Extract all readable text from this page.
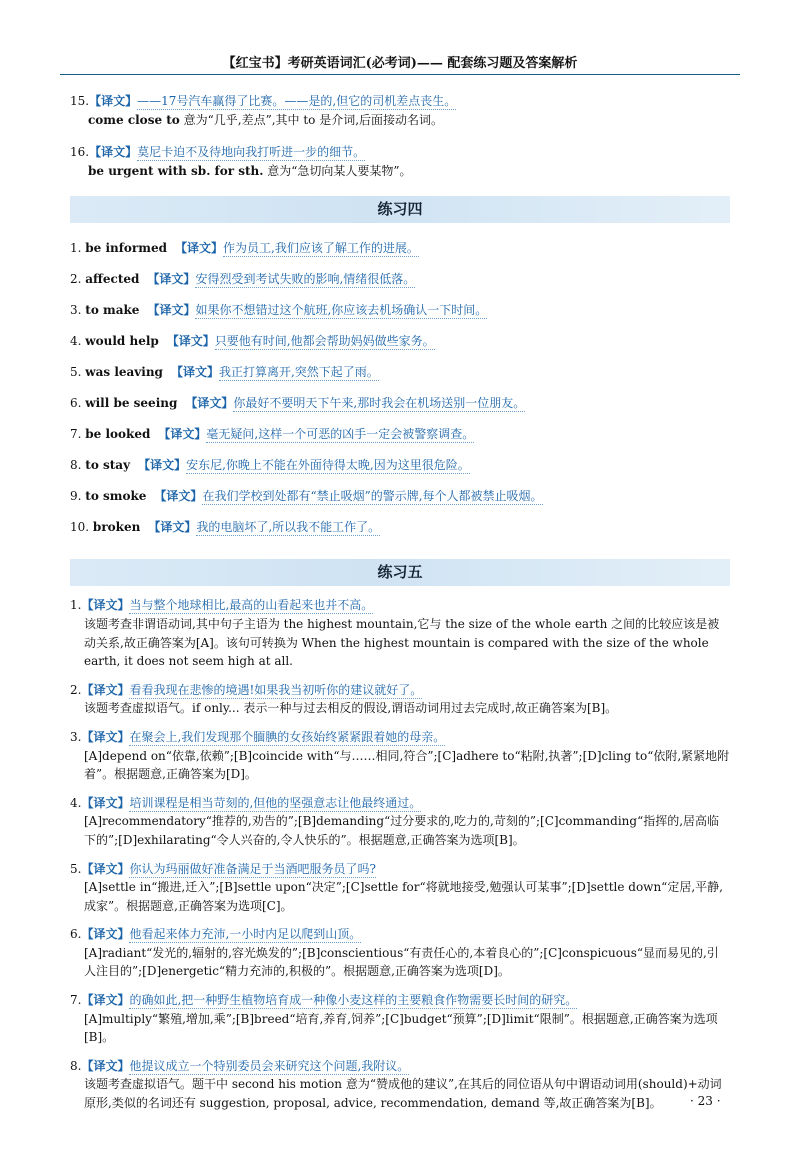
【红宝书】考研英语词汇(必考词)—— 配套练习题及答案解析
15.【译文】——17号汽车赢得了比赛。——是的,但它的司机差点丧生。
come close to 意为“几乎,差点”,其中 to 是介词,后面接动名词。
16.【译文】莫尼卡迫不及待地向我打听进一步的细节。
be urgent with sb. for sth. 意为“急切向某人要某物”。
练习四
1. be informed 【译文】作为员工,我们应该了解工作的进展。
2. affected 【译文】安得烈受到考试失败的影响,情绪很低落。
3. to make 【译文】如果你不想错过这个航班,你应该去机场确认一下时间。
4. would help 【译文】只要他有时间,他都会帮助妈妈做些家务。
5. was leaving 【译文】我正打算离开,突然下起了雨。
6. will be seeing 【译文】你最好不要明天下午来,那时我会在机场送别一位朋友。
7. be looked 【译文】毫无疑问,这样一个可恶的凶手一定会被警察调查。
8. to stay 【译文】安东尼,你晚上不能在外面待得太晚,因为这里很危险。
9. to smoke 【译文】在我们学校到处都有“禁止吸烟”的警示牌,每个人都被禁止吸烟。
10. broken 【译文】我的电脑坏了,所以我不能工作了。
练习五
1.【译文】当与整个地球相比,最高的山看起来也并不高。
该题考查非谓语动词,其中句子主语为 the highest mountain,它与 the size of the whole earth 之间的比较应该是被动关系,故正确答案为[A]。该句可转换为 When the highest mountain is compared with the size of the whole earth, it does not seem high at all.
2.【译文】看看我现在悲惨的境遇!如果我当初听你的建议就好了。
该题考查虚拟语气。if only... 表示一种与过去相反的假设,谓语动词用过去完成时,故正确答案为[B]。
3.【译文】在聚会上,我们发现那个腼腆的女孩始终紧紧跟着她的母亲。
[A]depend on“依靠,依赖”;[B]coincide with“与……相同,符合”;[C]adhere to“粘附,执著”;[D]cling to“依附,紧紧地附着”。根据题意,正确答案为[D]。
4.【译文】培训课程是相当苛刻的,但他的坚强意志让他最终通过。
[A]recommendatory“推荐的,劝告的”;[B]demanding“过分要求的,吃力的,苛刻的”;[C]commanding“指挥的,居高临下的”;[D]exhilarating“令人兴奋的,令人快乐的”。根据题意,正确答案为选项[B]。
5.【译文】你认为玛丽做好准备满足于当酒吧服务员了吗?
[A]settle in“搬进,迁入”;[B]settle upon“决定”;[C]settle for“将就地接受,勉强认可某事”;[D]settle down“定居,平静,成家”。根据题意,正确答案为选项[C]。
6.【译文】他看起来体力充沛,一小时内足以爬到山顶。
[A]radiant“发光的,辐射的,容光焕发的”;[B]conscientious“有责任心的,本着良心的”;[C]conspicuous“显而易见的,引人注目的”;[D]energetic“精力充沛的,积极的”。根据题意,正确答案为选项[D]。
7.【译文】的确如此,把一种野生植物培育成一种像小麦这样的主要粮食作物需要长时间的研究。
[A]multiply“繁殖,增加,乘”;[B]breed“培育,养育,饲养”;[C]budget“预算”;[D]limit“限制”。根据题意,正确答案为选项[B]。
8.【译文】他提议成立一个特别委员会来研究这个问题,我附议。
该题考查虚拟语气。题干中 second his motion 意为“赞成他的建议”,在其后的同位语从句中谓语动词用(should)+动词原形,类似的名词还有 suggestion, proposal, advice, recommendation, demand 等,故正确答案为[B]。	· 23 ·
